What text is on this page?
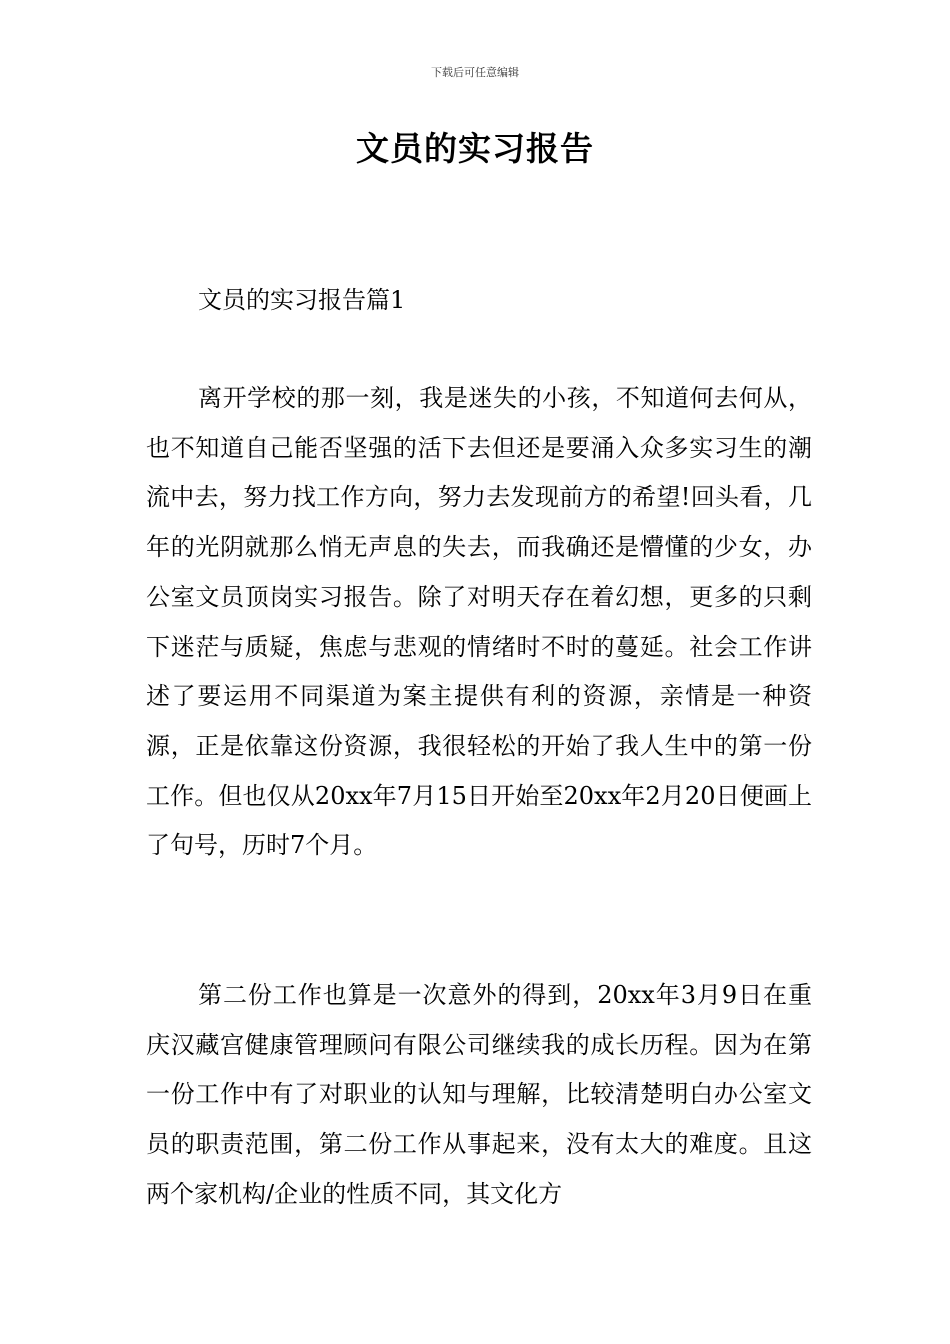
下载后可任意编辑
文员的实习报告
文员的实习报告篇1

离开学校的那一刻，我是迷失的小孩，不知道何去何从，也不知道自己能否坚强的活下去但还是要涌入众多实习生的潮流中去，努力找工作方向，努力去发现前方的希望!回头看，几年的光阴就那么悄无声息的失去，而我确还是懵懂的少女，办公室文员顶岗实习报告。除了对明天存在着幻想，更多的只剩下迷茫与质疑，焦虑与悲观的情绪时不时的蔓延。社会工作讲述了要运用不同渠道为案主提供有利的资源，亲情是一种资源，正是依靠这份资源，我很轻松的开始了我人生中的第一份工作。但也仅从20xx年7月15日开始至20xx年2月20日便画上了句号，历时7个月。

第二份工作也算是一次意外的得到，20xx年3月9日在重庆汉藏宫健康管理顾问有限公司继续我的成长历程。因为在第一份工作中有了对职业的认知与理解，比较清楚明白办公室文员的职责范围，第二份工作从事起来，没有太大的难度。且这两个家机构/企业的性质不同，其文化方
